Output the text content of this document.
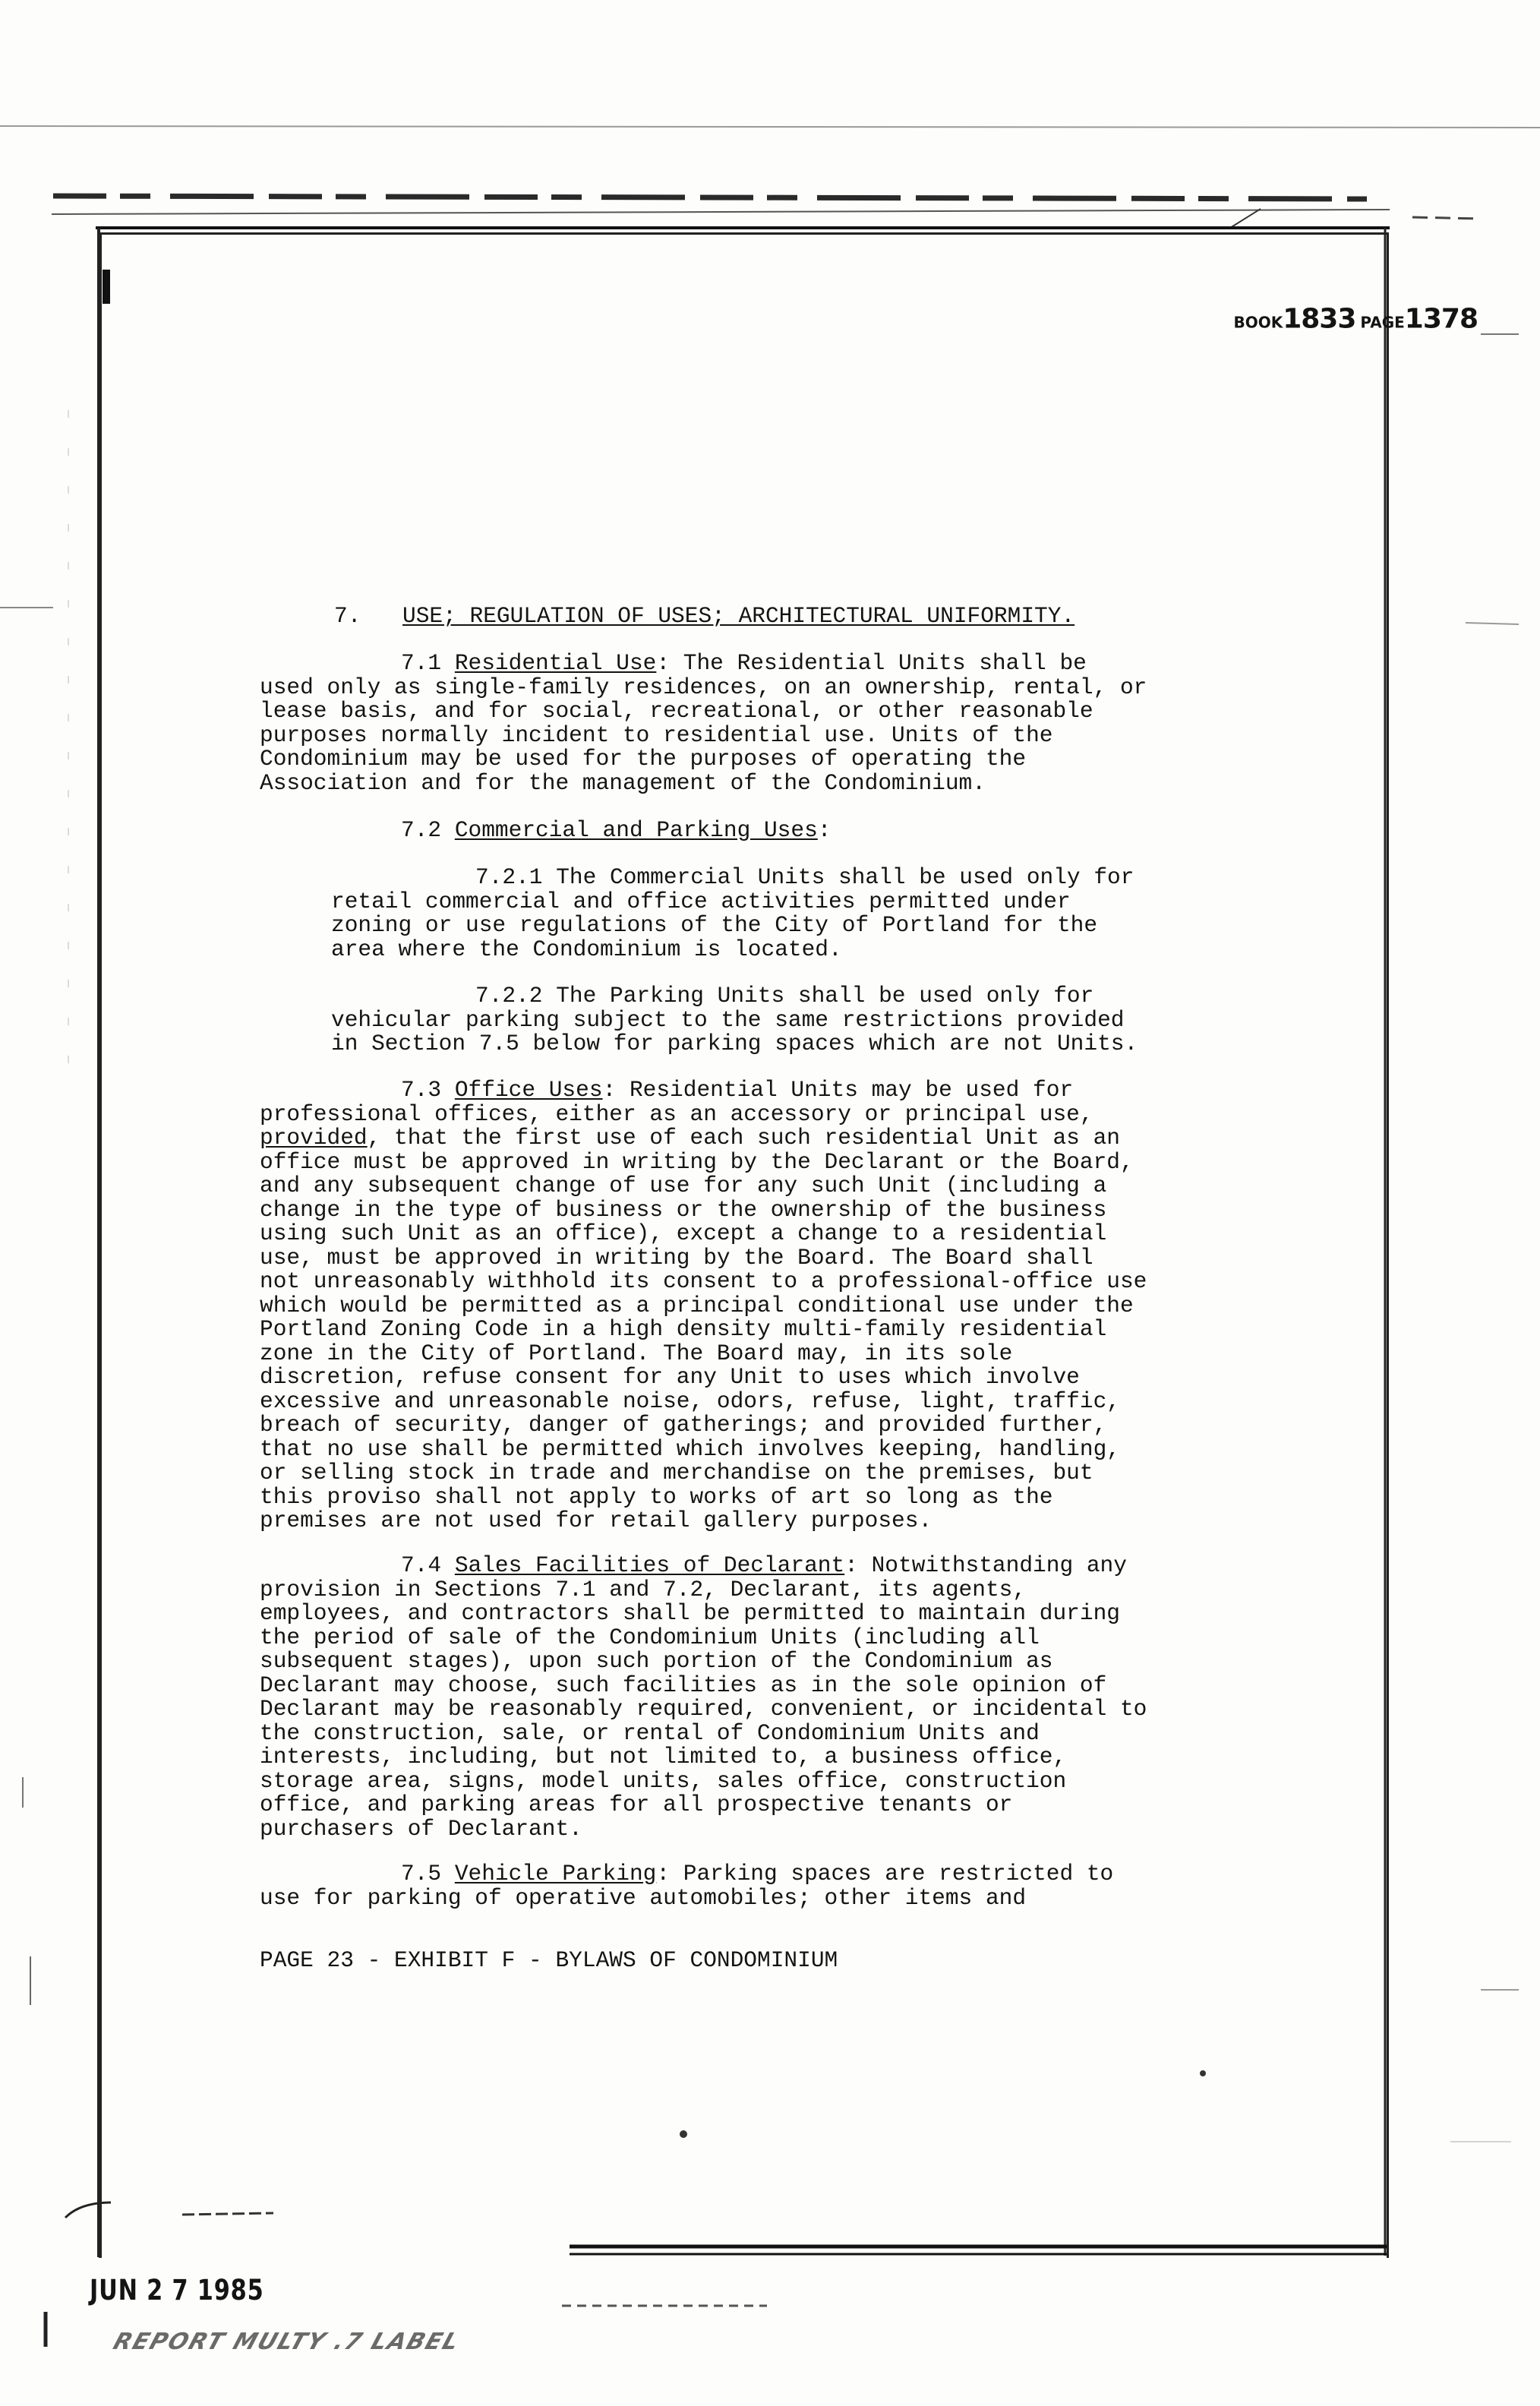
BOOK1833 PAGE1378
7. USE; REGULATION OF USES; ARCHITECTURAL UNIFORMITY.
7.1 Residential Use: The Residential Units shall be
used only as single-family residences, on an ownership, rental, or
lease basis, and for social, recreational, or other reasonable
purposes normally incident to residential use. Units of the
Condominium may be used for the purposes of operating the
Association and for the management of the Condominium.
7.2 Commercial and Parking Uses:
7.2.1 The Commercial Units shall be used only for
retail commercial and office activities permitted under
zoning or use regulations of the City of Portland for the
area where the Condominium is located.
7.2.2 The Parking Units shall be used only for
vehicular parking subject to the same restrictions provided
in Section 7.5 below for parking spaces which are not Units.
7.3 Office Uses: Residential Units may be used for
professional offices, either as an accessory or principal use,
provided, that the first use of each such residential Unit as an
office must be approved in writing by the Declarant or the Board,
and any subsequent change of use for any such Unit (including a
change in the type of business or the ownership of the business
using such Unit as an office), except a change to a residential
use, must be approved in writing by the Board. The Board shall
not unreasonably withhold its consent to a professional-office use
which would be permitted as a principal conditional use under the
Portland Zoning Code in a high density multi-family residential
zone in the City of Portland. The Board may, in its sole
discretion, refuse consent for any Unit to uses which involve
excessive and unreasonable noise, odors, refuse, light, traffic,
breach of security, danger of gatherings; and provided further,
that no use shall be permitted which involves keeping, handling,
or selling stock in trade and merchandise on the premises, but
this proviso shall not apply to works of art so long as the
premises are not used for retail gallery purposes.
7.4 Sales Facilities of Declarant: Notwithstanding any
provision in Sections 7.1 and 7.2, Declarant, its agents,
employees, and contractors shall be permitted to maintain during
the period of sale of the Condominium Units (including all
subsequent stages), upon such portion of the Condominium as
Declarant may choose, such facilities as in the sole opinion of
Declarant may be reasonably required, convenient, or incidental to
the construction, sale, or rental of Condominium Units and
interests, including, but not limited to, a business office,
storage area, signs, model units, sales office, construction
office, and parking areas for all prospective tenants or
purchasers of Declarant.
7.5 Vehicle Parking: Parking spaces are restricted to
use for parking of operative automobiles; other items and
PAGE 23 - EXHIBIT F - BYLAWS OF CONDOMINIUM
JUN 2 7 1985
REPORT MULTY .7 LABEL
